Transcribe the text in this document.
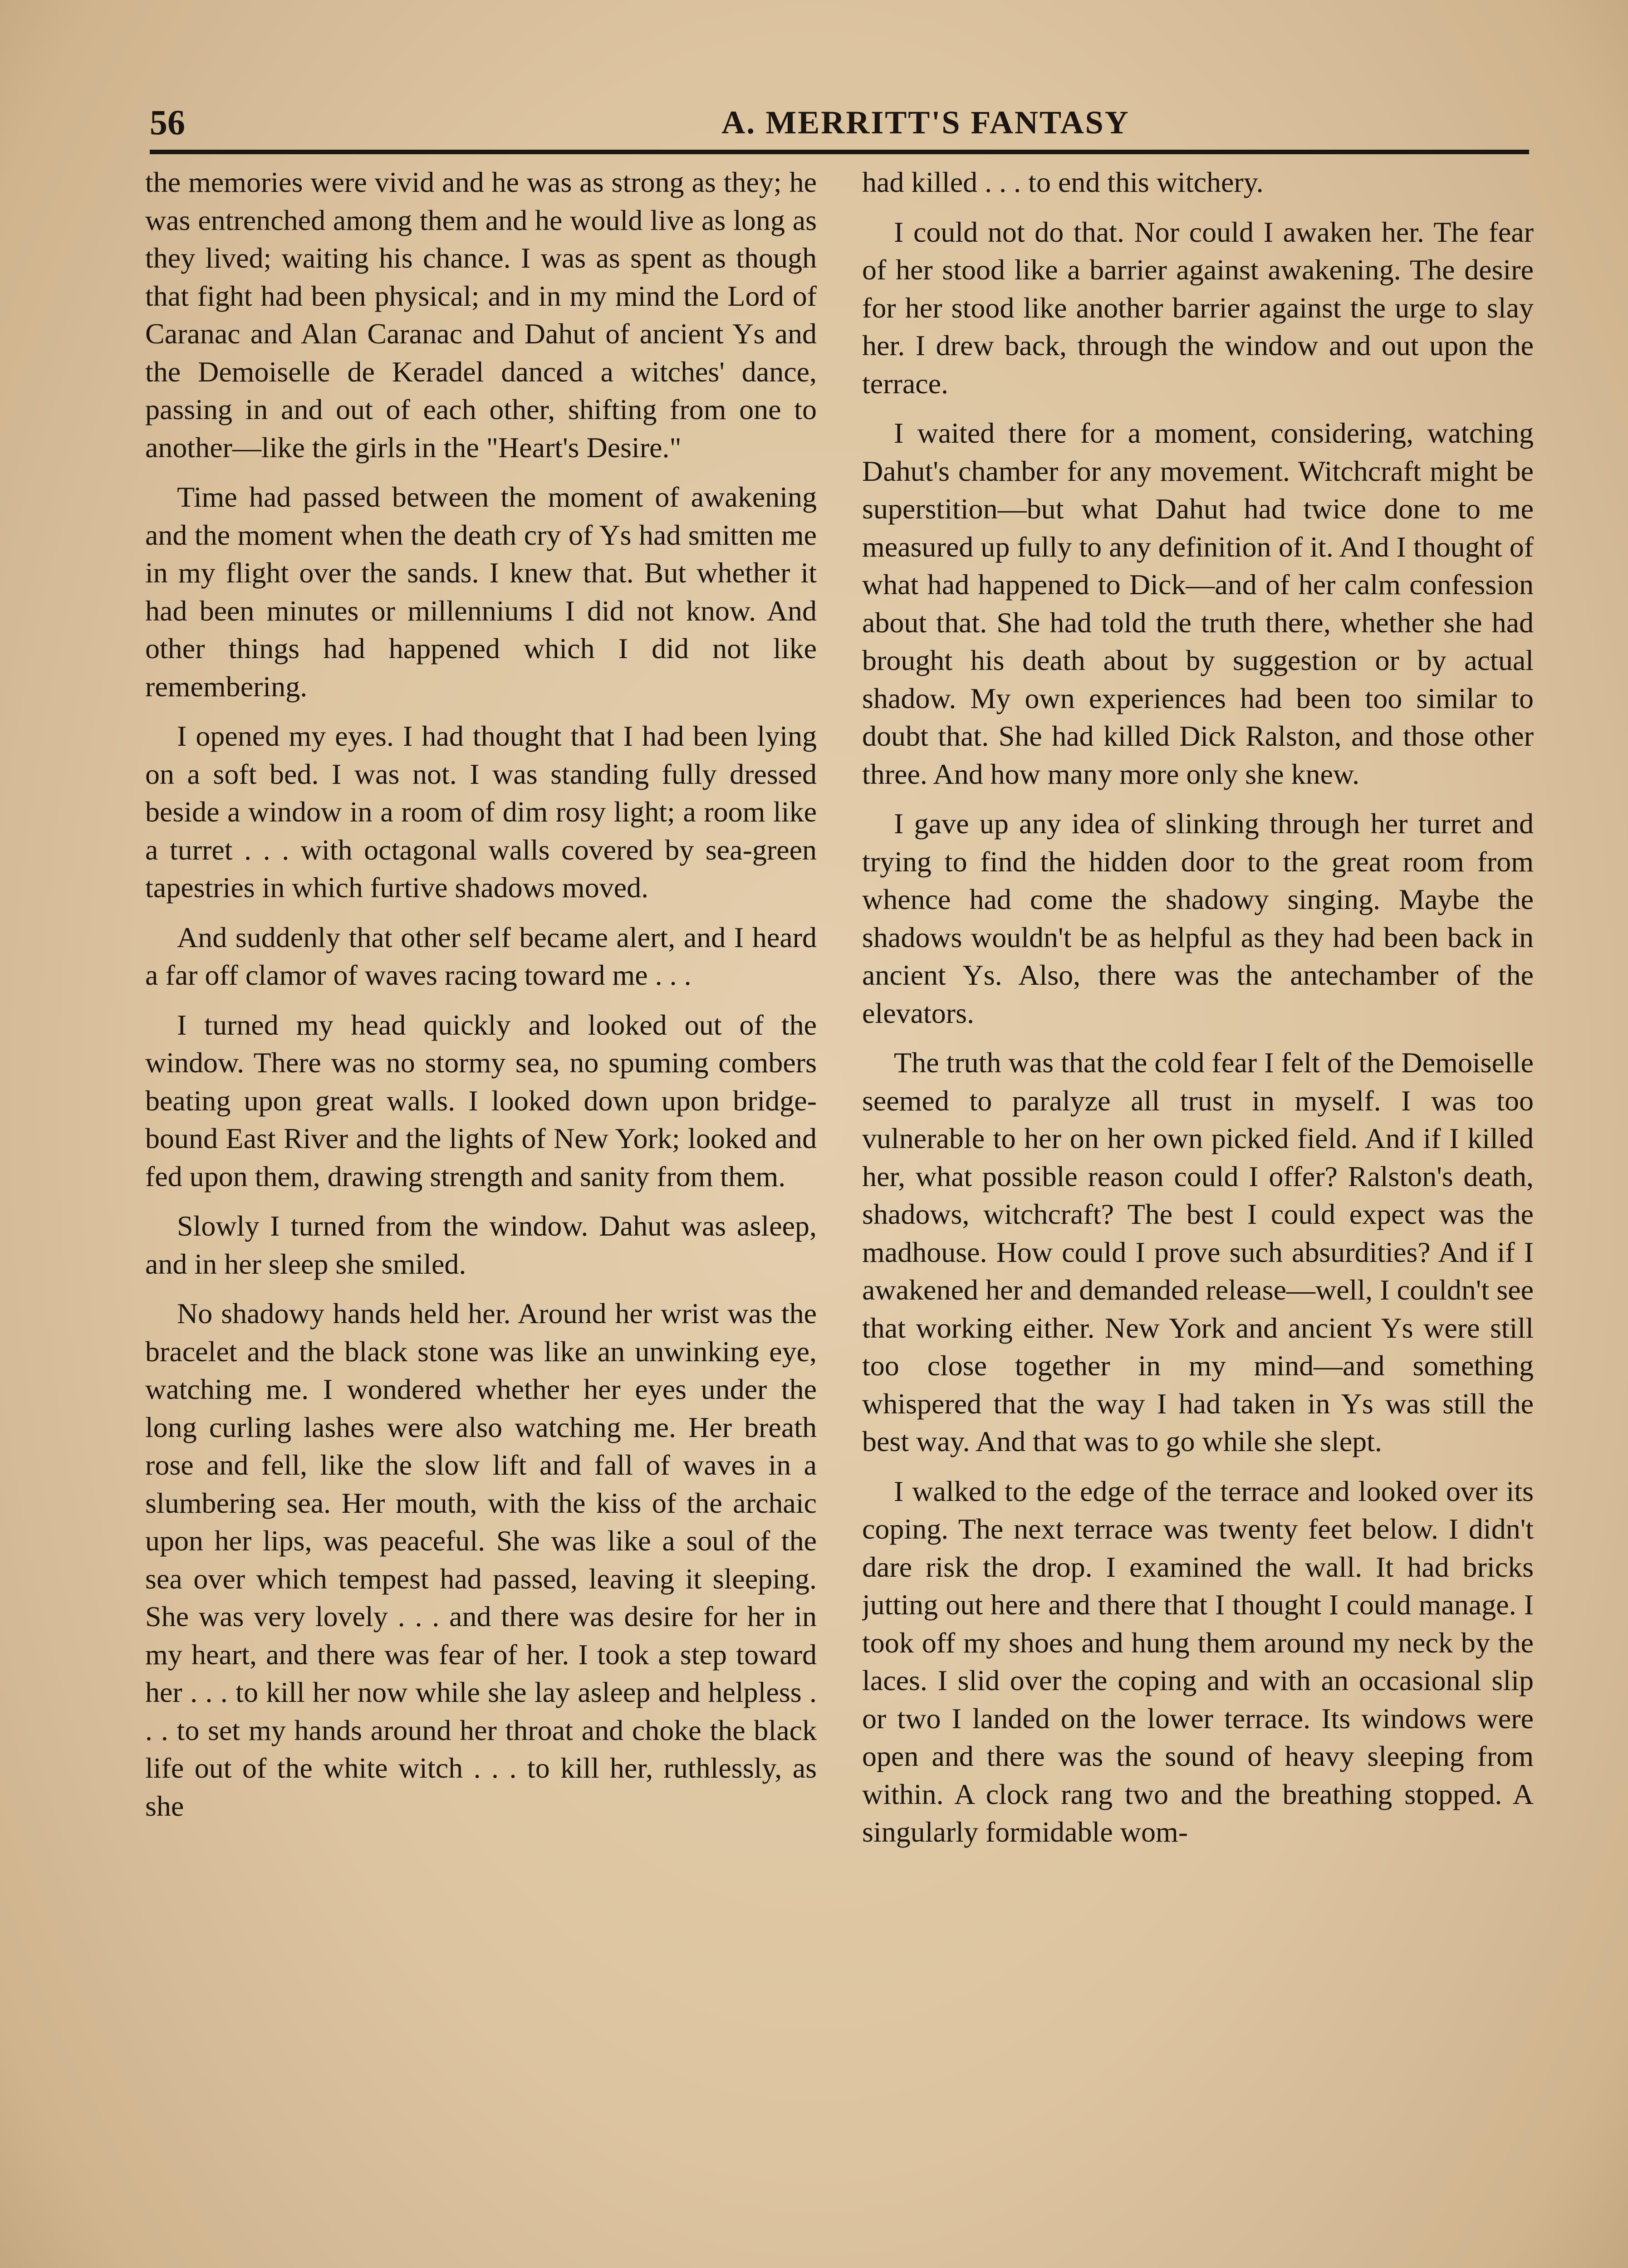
56	A. MERRITT'S FANTASY

the memories were vivid and he was as strong as they; he was entrenched among them and he would live as long as they lived; waiting his chance. I was as spent as though that fight had been physical; and in my mind the Lord of Caranac and Alan Caranac and Dahut of ancient Ys and the Demoiselle de Keradel danced a witches' dance, passing in and out of each other, shifting from one to another—like the girls in the "Heart's Desire."

Time had passed between the moment of awakening and the moment when the death cry of Ys had smitten me in my flight over the sands. I knew that. But whether it had been minutes or millenniums I did not know. And other things had happened which I did not like remembering.

I opened my eyes. I had thought that I had been lying on a soft bed. I was not. I was standing fully dressed beside a window in a room of dim rosy light; a room like a turret . . . with octagonal walls covered by sea-green tapestries in which furtive shadows moved.

And suddenly that other self became alert, and I heard a far off clamor of waves racing toward me . . .

I turned my head quickly and looked out of the window. There was no stormy sea, no spuming combers beating upon great walls. I looked down upon bridge-bound East River and the lights of New York; looked and fed upon them, drawing strength and sanity from them.

Slowly I turned from the window. Dahut was asleep, and in her sleep she smiled.

No shadowy hands held her. Around her wrist was the bracelet and the black stone was like an unwinking eye, watching me. I wondered whether her eyes under the long curling lashes were also watching me. Her breath rose and fell, like the slow lift and fall of waves in a slumbering sea. Her mouth, with the kiss of the archaic upon her lips, was peaceful. She was like a soul of the sea over which tempest had passed, leaving it sleeping. She was very lovely . . . and there was desire for her in my heart, and there was fear of her. I took a step toward her . . . to kill her now while she lay asleep and helpless . . . to set my hands around her throat and choke the black life out of the white witch . . . to kill her, ruthlessly, as she

had killed . . . to end this witchery.

I could not do that. Nor could I awaken her. The fear of her stood like a barrier against awakening. The desire for her stood like another barrier against the urge to slay her. I drew back, through the window and out upon the terrace.

I waited there for a moment, considering, watching Dahut's chamber for any movement. Witchcraft might be superstition—but what Dahut had twice done to me measured up fully to any definition of it. And I thought of what had happened to Dick—and of her calm confession about that. She had told the truth there, whether she had brought his death about by suggestion or by actual shadow. My own experiences had been too similar to doubt that. She had killed Dick Ralston, and those other three. And how many more only she knew.

I gave up any idea of slinking through her turret and trying to find the hidden door to the great room from whence had come the shadowy singing. Maybe the shadows wouldn't be as helpful as they had been back in ancient Ys. Also, there was the antechamber of the elevators.

The truth was that the cold fear I felt of the Demoiselle seemed to paralyze all trust in myself. I was too vulnerable to her on her own picked field. And if I killed her, what possible reason could I offer? Ralston's death, shadows, witchcraft? The best I could expect was the madhouse. How could I prove such absurdities? And if I awakened her and demanded release—well, I couldn't see that working either. New York and ancient Ys were still too close together in my mind—and something whispered that the way I had taken in Ys was still the best way. And that was to go while she slept.

I walked to the edge of the terrace and looked over its coping. The next terrace was twenty feet below. I didn't dare risk the drop. I examined the wall. It had bricks jutting out here and there that I thought I could manage. I took off my shoes and hung them around my neck by the laces. I slid over the coping and with an occasional slip or two I landed on the lower terrace. Its windows were open and there was the sound of heavy sleeping from within. A clock rang two and the breathing stopped. A singularly formidable wom-
